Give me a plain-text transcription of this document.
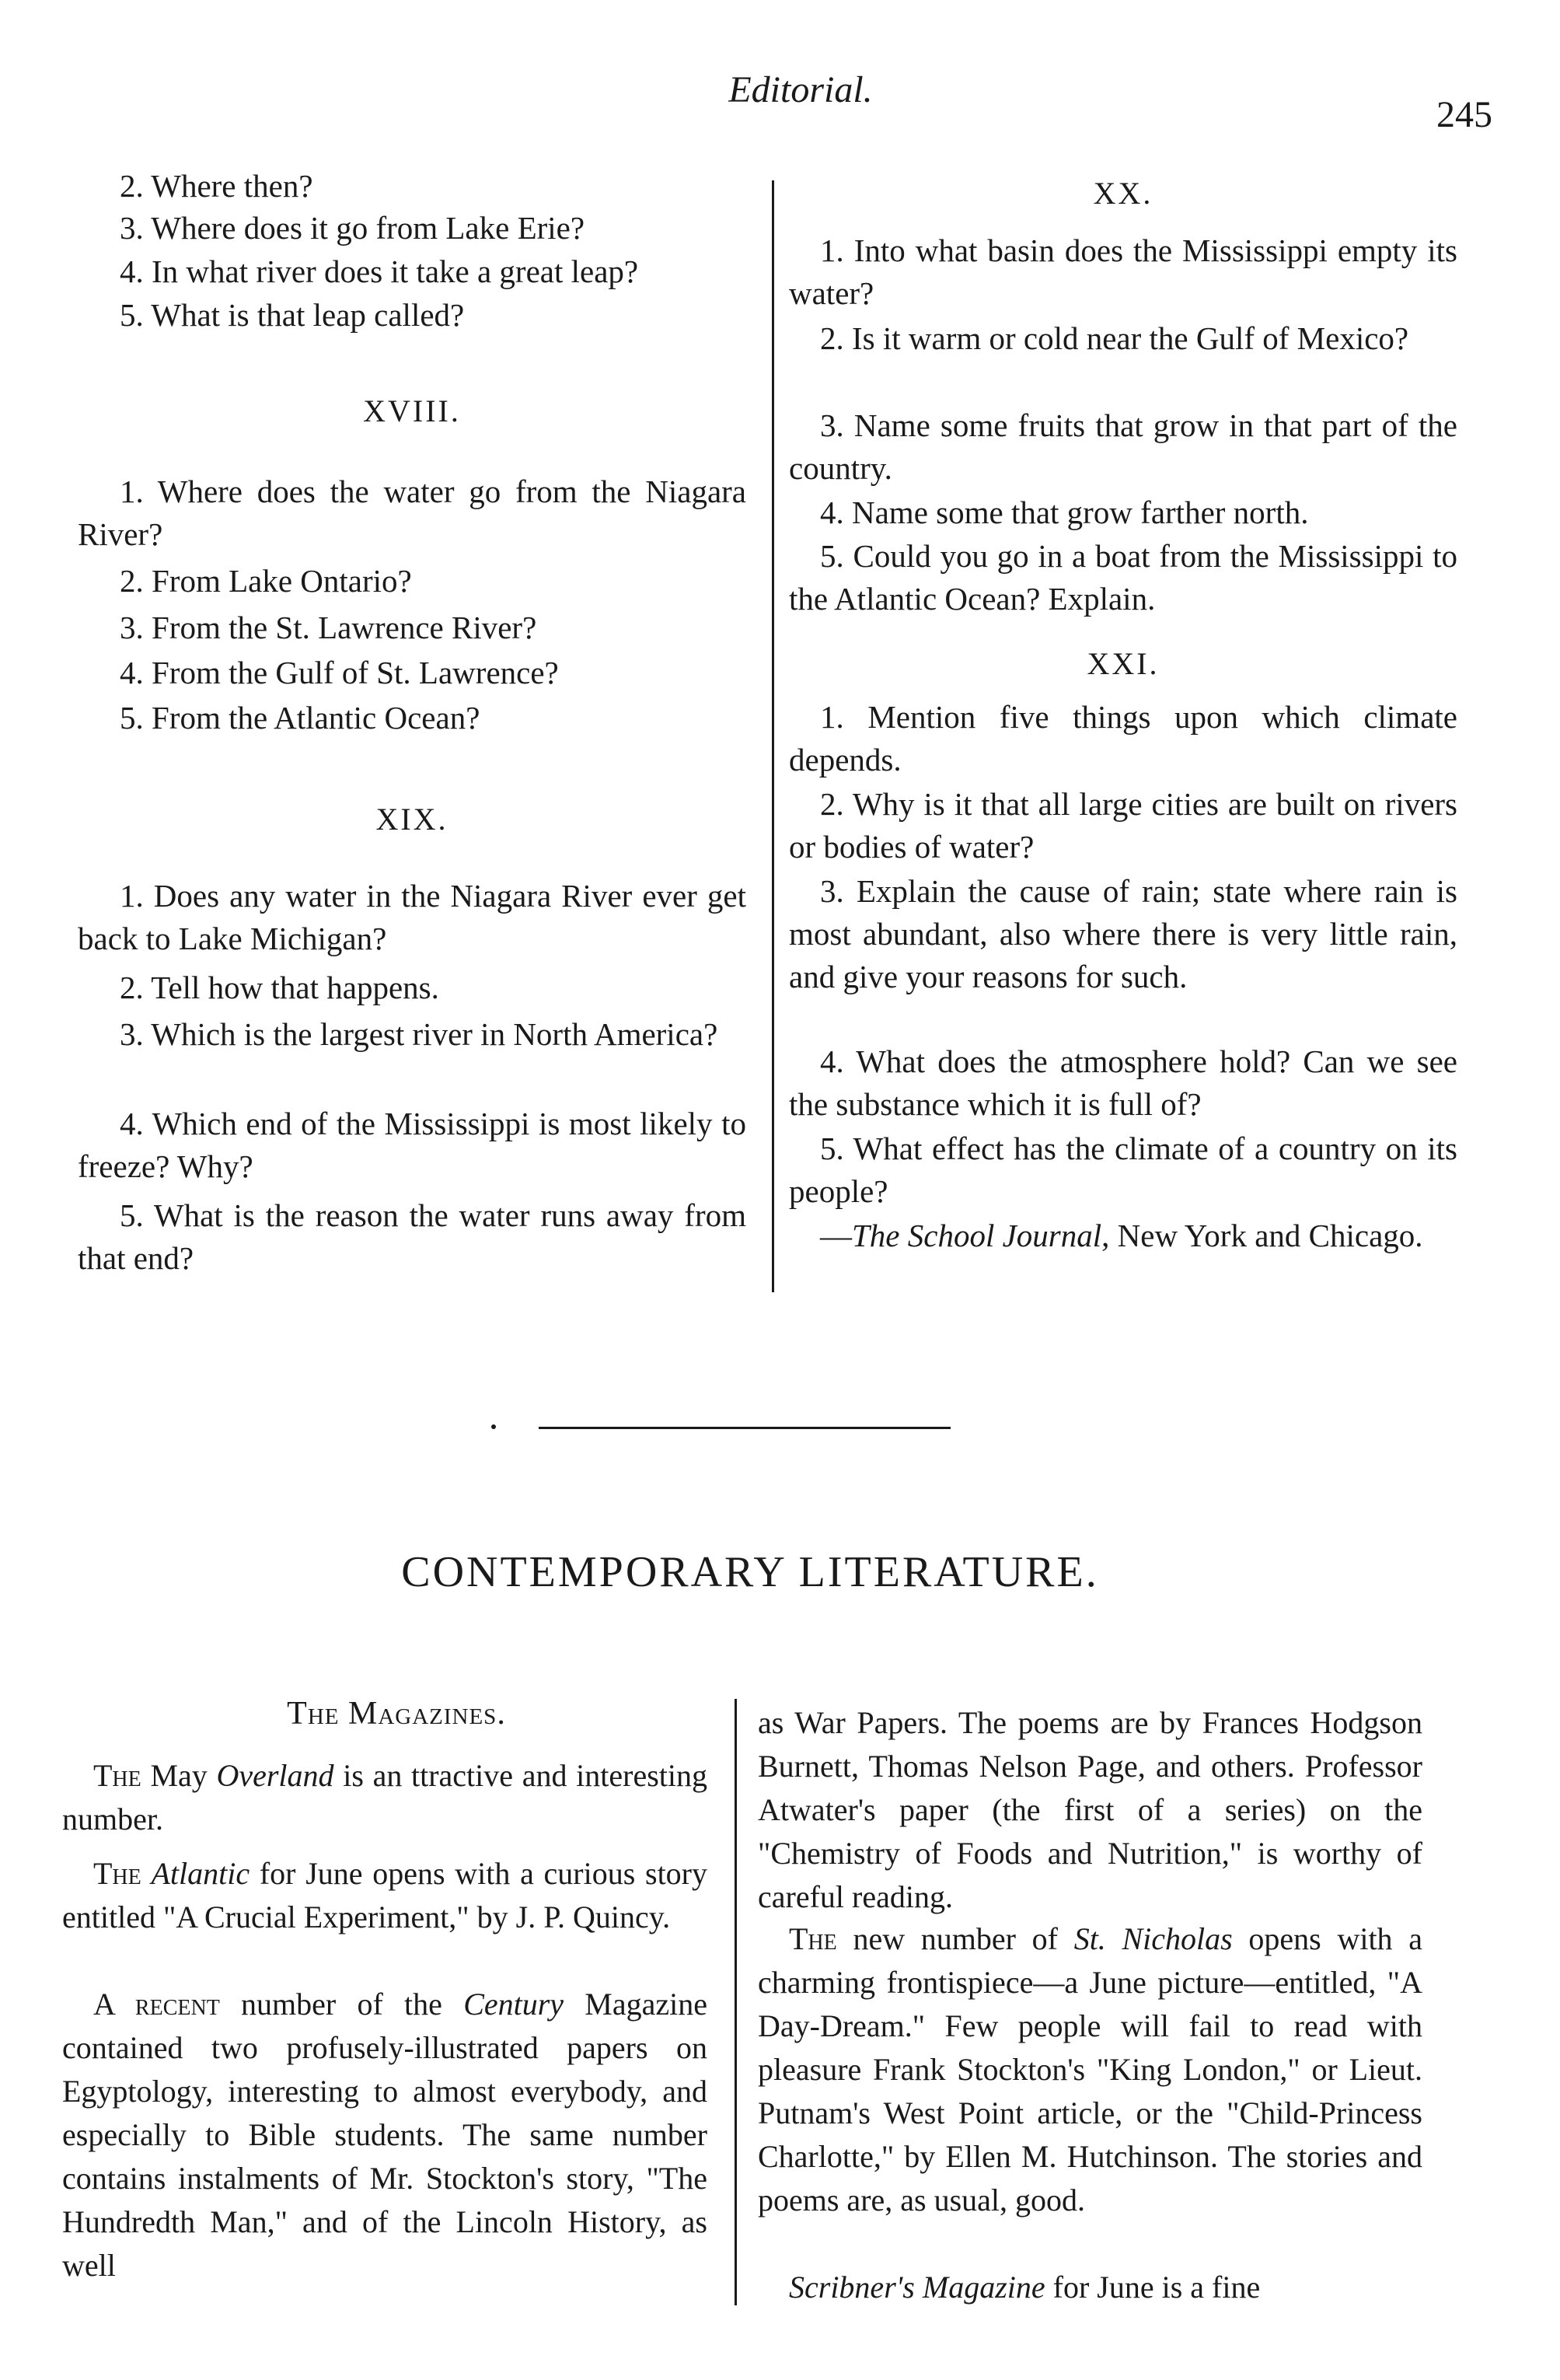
Editorial.
245

2. Where then?

3. Where does it go from Lake Erie?

4. In what river does it take a great leap?

5. What is that leap called?

XVIII.

1. Where does the water go from the Niagara River?

2. From Lake Ontario?

3. From the St. Lawrence River?

4. From the Gulf of St. Lawrence?

5. From the Atlantic Ocean?

XIX.

1. Does any water in the Niagara River ever get back to Lake Michigan?

2. Tell how that happens.

3. Which is the largest river in North America?

4. Which end of the Mississippi is most likely to freeze? Why?

5. What is the reason the water runs away from that end?

XX.

1. Into what basin does the Mississippi empty its water?

2. Is it warm or cold near the Gulf of Mexico?

3. Name some fruits that grow in that part of the country.

4. Name some that grow farther north.

5. Could you go in a boat from the Mississippi to the Atlantic Ocean? Explain.

XXI.

1. Mention five things upon which climate depends.

2. Why is it that all large cities are built on rivers or bodies of water?

3. Explain the cause of rain; state where rain is most abundant, also where there is very little rain, and give your reasons for such.

4. What does the atmosphere hold? Can we see the substance which it is full of?

5. What effect has the climate of a country on its people?

—The School Journal, New York and Chicago.

CONTEMPORARY LITERATURE.
The Magazines.

The May Overland is an ttractive and interesting number.

The Atlantic for June opens with a curious story entitled "A Crucial Experiment," by J. P. Quincy.

A recent number of the Century Magazine contained two profusely-illustrated papers on Egyptology, interesting to almost everybody, and especially to Bible students. The same number contains instalments of Mr. Stockton's story, "The Hundredth Man," and of the Lincoln History, as well

as War Papers. The poems are by Frances Hodgson Burnett, Thomas Nelson Page, and others. Professor Atwater's paper (the first of a series) on the "Chemistry of Foods and Nutrition," is worthy of careful reading.

The new number of St. Nicholas opens with a charming frontispiece—a June picture—entitled, "A Day-Dream." Few people will fail to read with pleasure Frank Stockton's "King London," or Lieut. Putnam's West Point article, or the "Child-Princess Charlotte," by Ellen M. Hutchinson. The stories and poems are, as usual, good.

Scribner's Magazine for June is a fine
